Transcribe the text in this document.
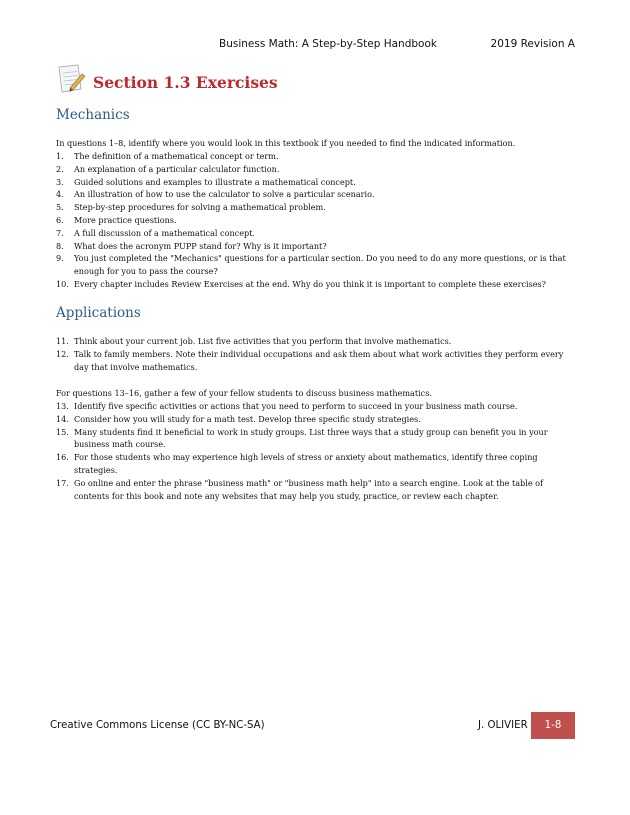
Business Math: A Step-by-Step Handbook	2019 Revision A
Section 1.3 Exercises
Mechanics
In questions 1–8, identify where you would look in this textbook if you needed to find the indicated information.
1.	The definition of a mathematical concept or term.
2.	An explanation of a particular calculator function.
3.	Guided solutions and examples to illustrate a mathematical concept.
4.	An illustration of how to use the calculator to solve a particular scenario.
5.	Step-by-step procedures for solving a mathematical problem.
6.	More practice questions.
7.	A full discussion of a mathematical concept.
8.	What does the acronym PUPP stand for? Why is it important?
9.	You just completed the "Mechanics" questions for a particular section. Do you need to do any more questions, or is that enough for you to pass the course?
10. Every chapter includes Review Exercises at the end. Why do you think it is important to complete these exercises?
Applications
11. Think about your current job. List five activities that you perform that involve mathematics.
12. Talk to family members. Note their individual occupations and ask them about what work activities they perform every day that involve mathematics.
For questions 13–16, gather a few of your fellow students to discuss business mathematics.
13. Identify five specific activities or actions that you need to perform to succeed in your business math course.
14. Consider how you will study for a math test. Develop three specific study strategies.
15. Many students find it beneficial to work in study groups. List three ways that a study group can benefit you in your business math course.
16. For those students who may experience high levels of stress or anxiety about mathematics, identify three coping strategies.
17. Go online and enter the phrase "business math" or "business math help" into a search engine. Look at the table of contents for this book and note any websites that may help you study, practice, or review each chapter.
Creative Commons License (CC BY-NC-SA)	J. OLIVIER	1-8
